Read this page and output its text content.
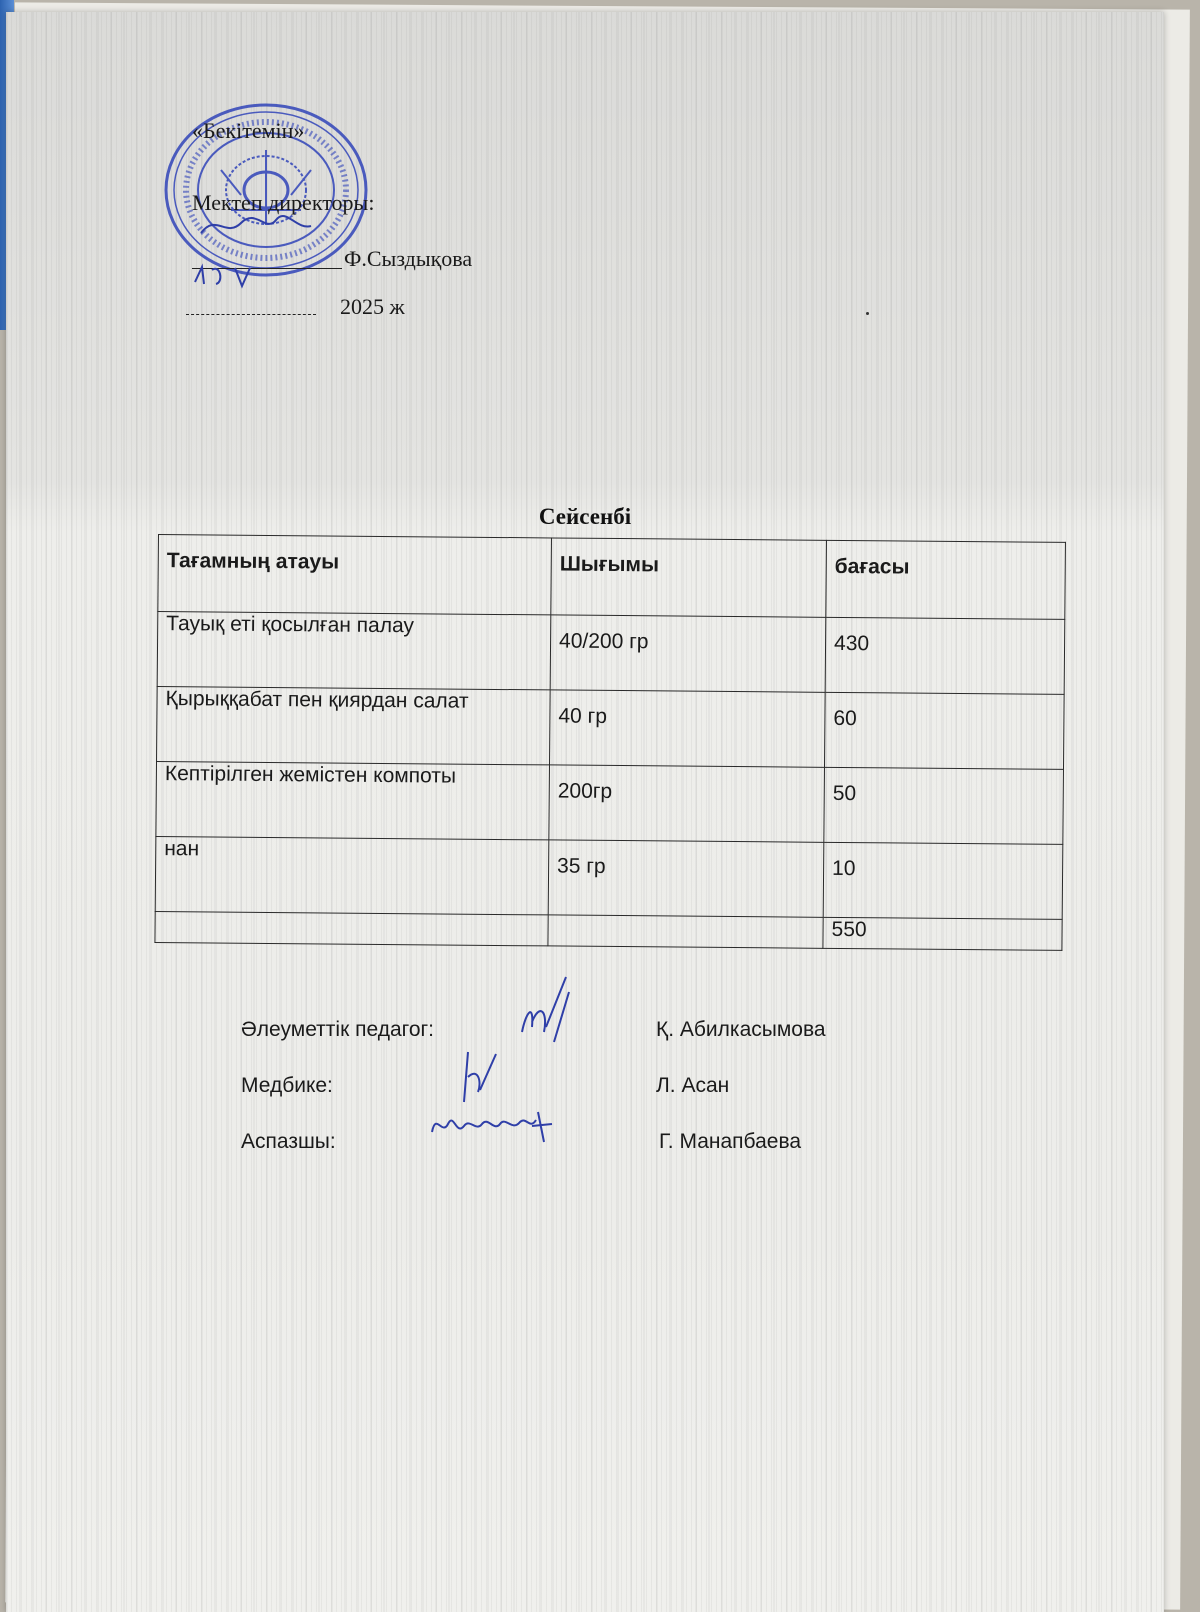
«Бекітемін»
Мектеп директоры:
Ф.Сыздықова
2025 ж
Сейсенбі
Тағамның атауы	Шығымы	бағасы
Тауық еті қосылған палау	40/200 гр	430
Қырыққабат пен қиярдан салат	40 гр	60
Кептірілген жемістен компоты	200гр	50
нан	35 гр	10
		550
Әлеуметтік педагог:	Қ. Абилкасымова
Медбике:	Л. Асан
Аспазшы:	Г. Манапбаева
